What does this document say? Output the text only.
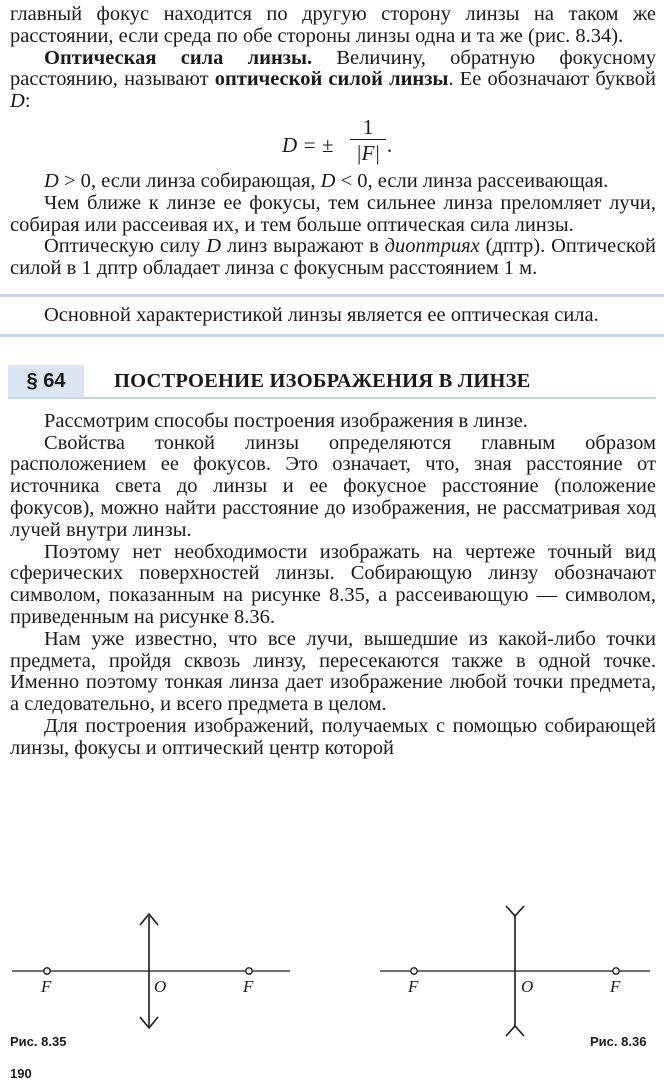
главный фокус находится по другую сторону линзы на таком же расстоянии, если среда по обе стороны линзы одна и та же (рис. 8.34).

Оптическая сила линзы. Величину, обратную фокусному расстоянию, называют оптической силой линзы. Ее обозначают буквой D:

D = ± $\frac{1}{|F|}$ .

D > 0, если линза собирающая, D < 0, если линза рассеивающая.

Чем ближе к линзе ее фокусы, тем сильнее линза преломляет лучи, собирая или рассеивая их, и тем больше оптическая сила линзы.

Оптическую силу D линз выражают в диоптриях (дптр). Оптической силой в 1 дптр обладает линза с фокусным расстоянием 1 м.

Основной характеристикой линзы является ее оптическая сила.

§ 64	ПОСТРОЕНИЕ ИЗОБРАЖЕНИЯ В ЛИНЗЕ

Рассмотрим способы построения изображения в линзе.

Свойства тонкой линзы определяются главным образом расположением ее фокусов. Это означает, что, зная расстояние от источника света до линзы и ее фокусное расстояние (положение фокусов), можно найти расстояние до изображения, не рассматривая ход лучей внутри линзы.

Поэтому нет необходимости изображать на чертеже точный вид сферических поверхностей линзы. Собирающую линзу обозначают символом, показанным на рисунке 8.35, а рассеивающую — символом, приведенным на рисунке 8.36.

Нам уже известно, что все лучи, вышедшие из какой-либо точки предмета, пройдя сквозь линзу, пересекаются также в одной точке. Именно поэтому тонкая линза дает изображение любой точки предмета, а следовательно, и всего предмета в целом.

Для построения изображений, получаемых с помощью собирающей линзы, фокусы и оптический центр которой

F	O	F	F	O	F
Рис. 8.35	Рис. 8.36
190
